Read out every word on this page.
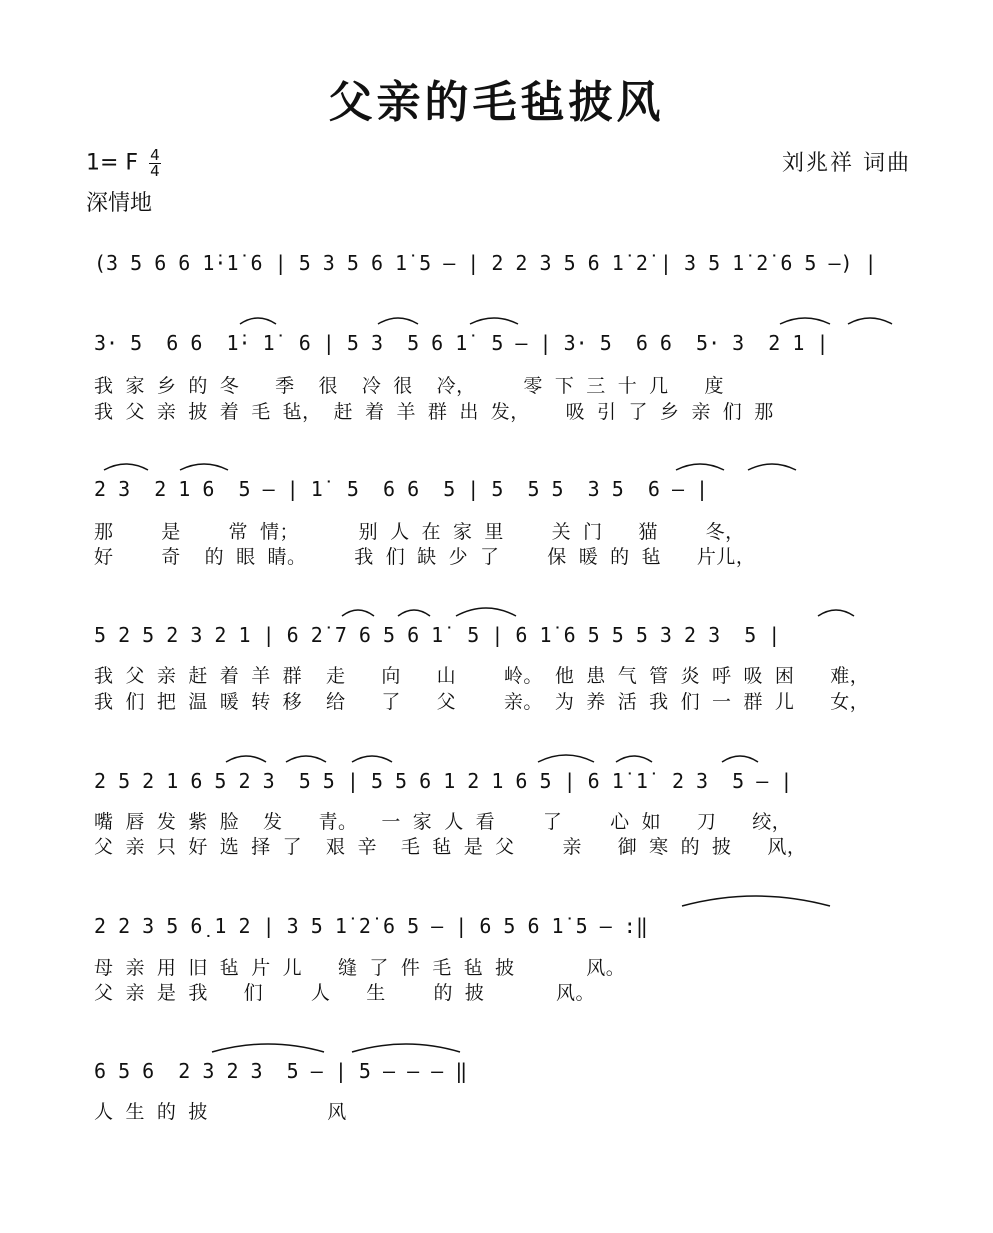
父亲的毛毡披风
1= F $\frac{4}{4}$
深情地
刘兆祥 词曲
(3 5 6 6 1̇·1̇ 6 | 5 3 5 6 1̇ 5 – | 2 2 3 5 6 1̇ 2̇ | 3 5 1̇ 2̇ 6 5 –) |
3· 5  6 6  1̇· 1̇  6 | 5 3  5 6 1̇  5 – | 3· 5  6 6  5· 3  2 1 |
我 家 乡 的 冬   季  很  冷 很  冷，    零 下 三 十 几   度
我 父 亲 披 着 毛 毡， 赶 着 羊 群 出 发，   吸 引 了 乡 亲 们 那
2 3  2 1 6  5 – | 1̇  5  6 6  5 | 5  5 5  3 5  6 – |
那    是    常 情；     别 人 在 家 里    关 门   猫    冬，
好    奇  的 眼 睛。    我 们 缺 少 了    保 暖 的 毡   片儿，
5 2 5 2 3 2 1 | 6 2̇ 7 6 5 6 1̇  5 | 6 1̇ 6 5 5 5 3 2 3  5 |
我 父 亲 赶 着 羊 群  走   向   山    岭。 他 患 气 管 炎 呼 吸 困   难，
我 们 把 温 暖 转 移  给   了   父    亲。 为 养 活 我 们 一 群 儿   女，
2 5 2 1 6 5 2 3  5 5 | 5 5 6 1 2 1 6 5 | 6 1̇ 1̇  2 3  5 – |
嘴 唇 发 紫 脸  发   青。  一 家 人 看    了    心 如   刀   绞，
父 亲 只 好 选 择 了  艰 辛  毛 毡 是 父    亲   御 寒 的 披   风，
2 2 3 5 6̣ 1 2 | 3 5 1̇ 2̇ 6 5 – | 6 5 6 1̇ 5 – :‖
母 亲 用 旧 毡 片 儿   缝 了 件 毛 毡 披      风。
父 亲 是 我   们    人   生    的 披      风。
6 5 6  2 3 2 3  5 – | 5 – – – ‖
人 生 的 披          风
